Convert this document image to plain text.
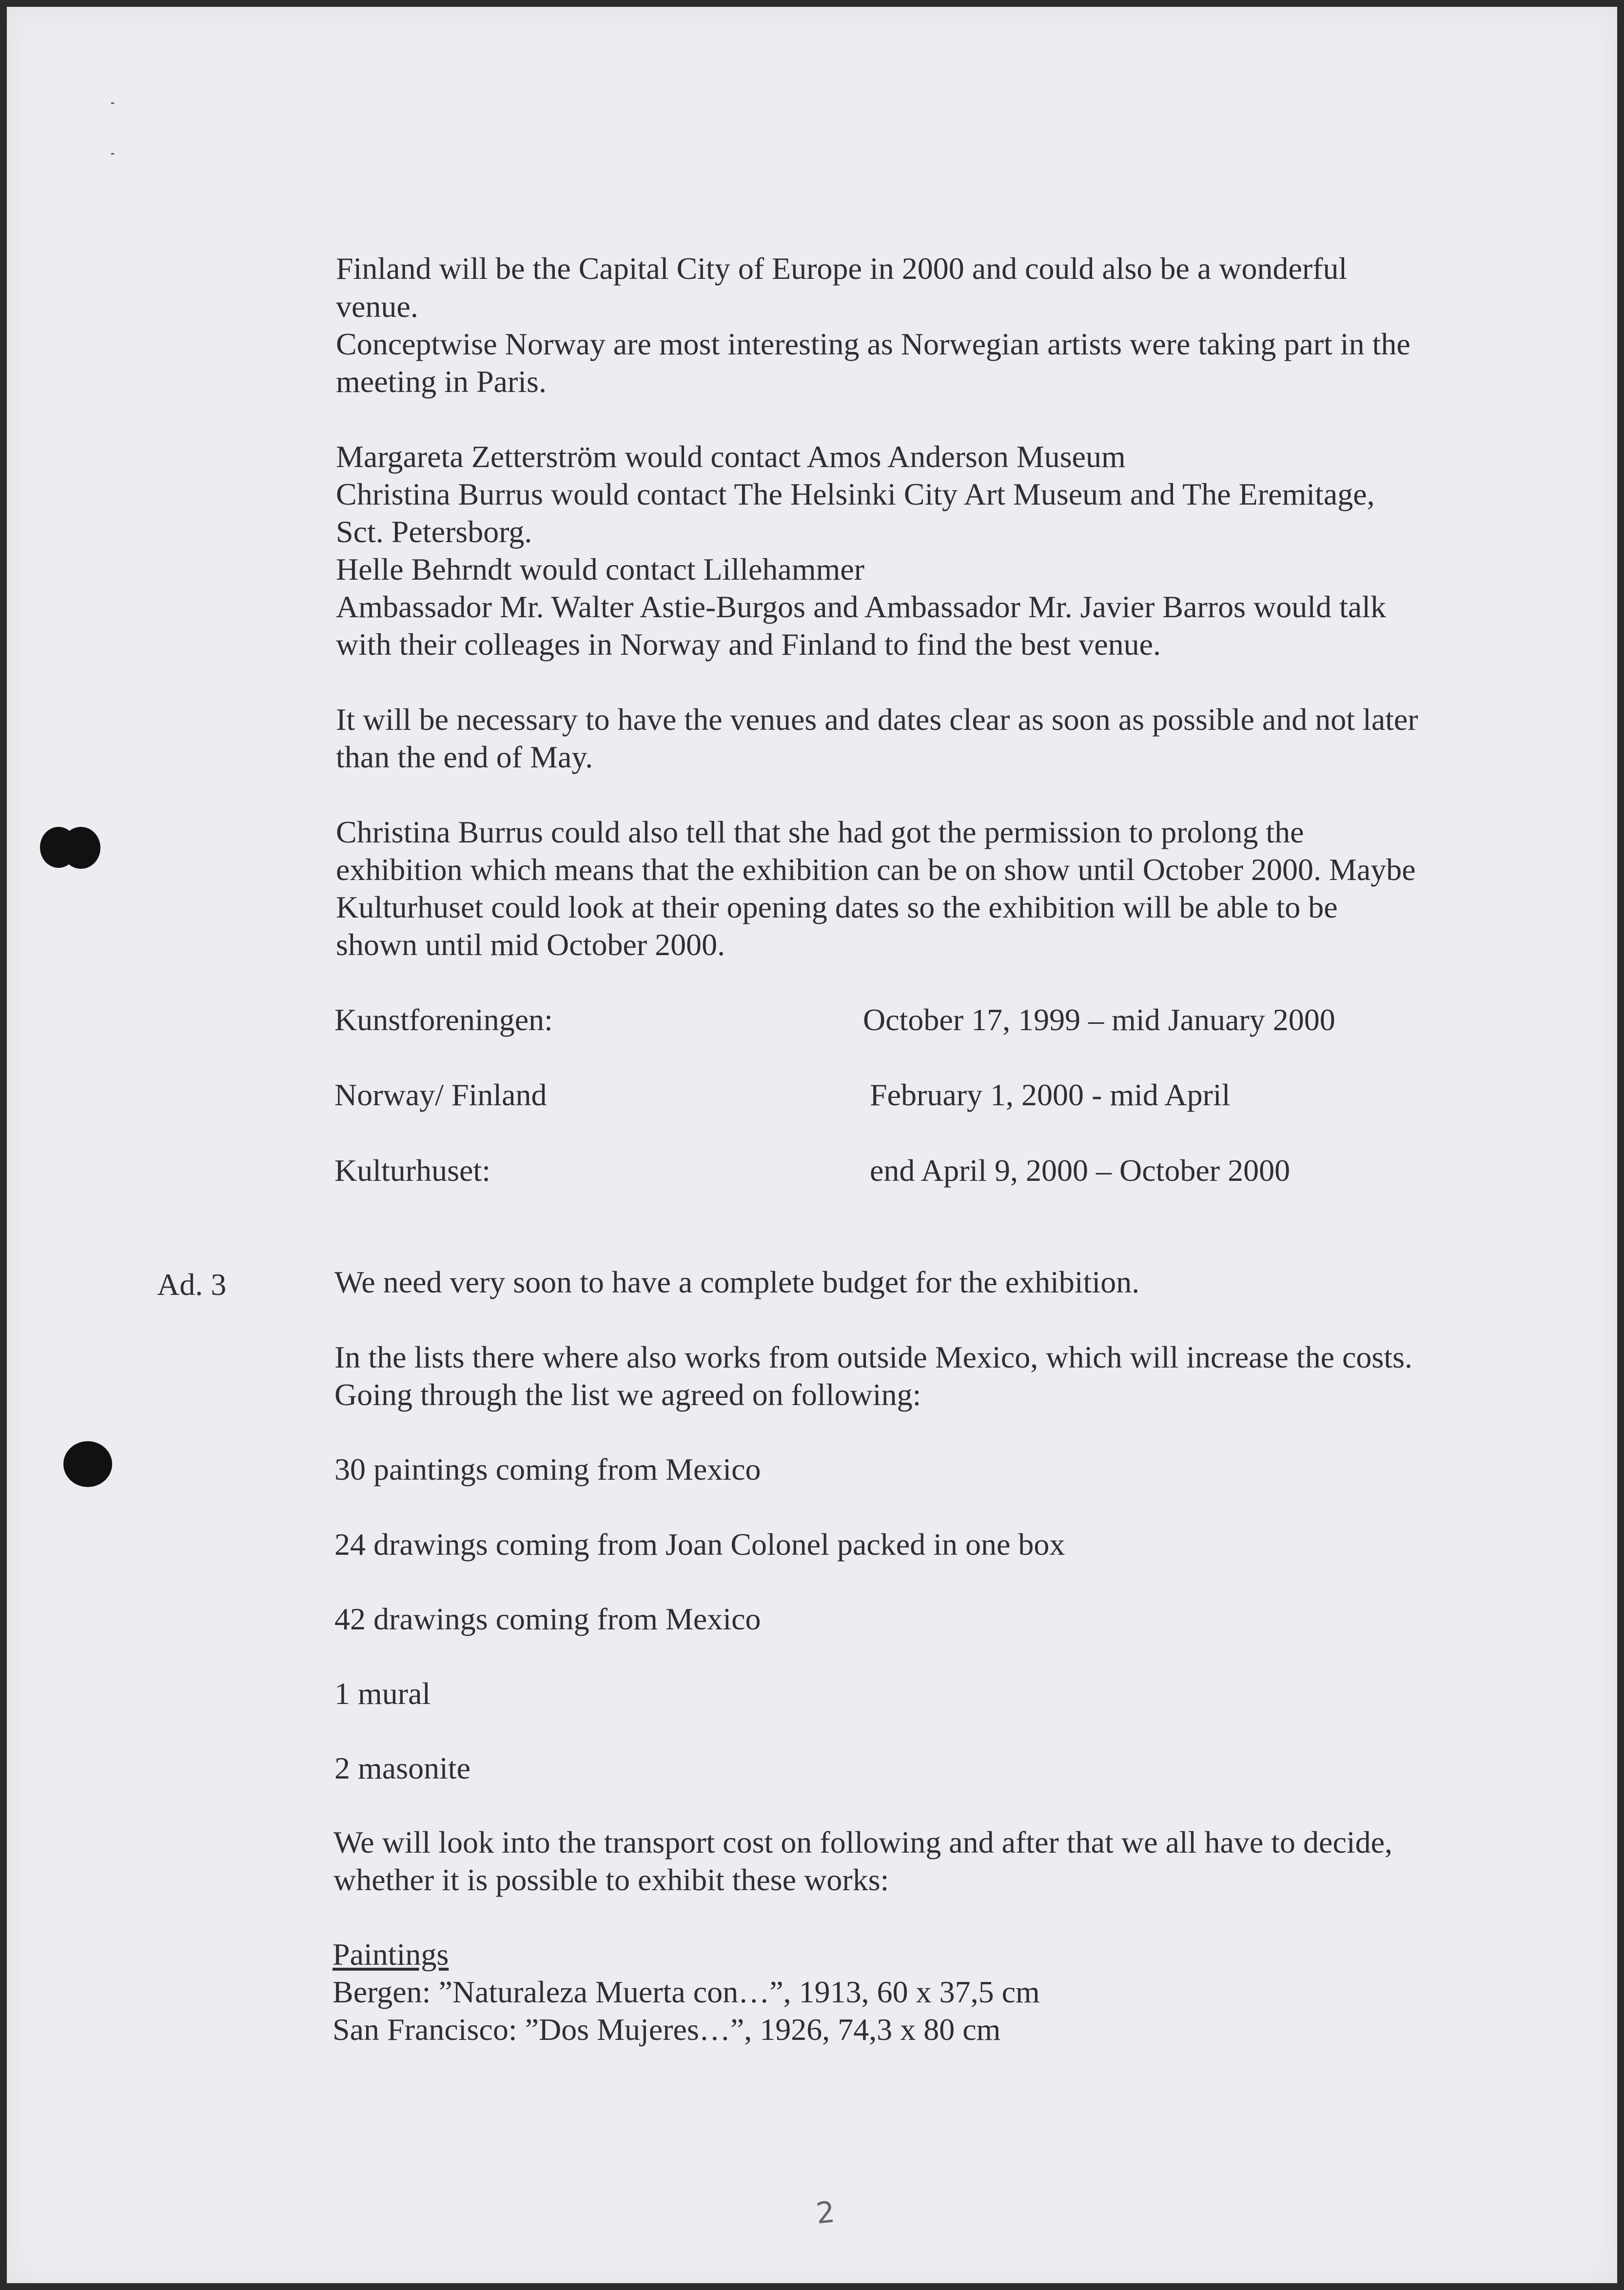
Finland will be the Capital City of Europe in 2000 and could also be a wonderful
venue.
Conceptwise Norway are most interesting as Norwegian artists were taking part in the
meeting in Paris.
Margareta Zetterström would contact Amos Anderson Museum
Christina Burrus would contact The Helsinki City Art Museum and The Eremitage,
Sct. Petersborg.
Helle Behrndt would contact Lillehammer
Ambassador Mr. Walter Astie-Burgos and Ambassador Mr. Javier Barros would talk
with their colleages in Norway and Finland to find the best venue.
It will be necessary to have the venues and dates clear as soon as possible and not later
than the end of May.
Christina Burrus could also tell that she had got the permission to prolong the
exhibition which means that the exhibition can be on show until October 2000. Maybe
Kulturhuset could look at their opening dates so the exhibition will be able to be
shown until mid October 2000.
Kunstforeningen:	October 17, 1999 – mid January 2000
Norway/ Finland	February 1, 2000 - mid April
Kulturhuset:	end April 9, 2000 – October 2000
Ad. 3	We need very soon to have a complete budget for the exhibition.
In the lists there where also works from outside Mexico, which will increase the costs.
Going through the list we agreed on following:
30 paintings coming from Mexico
24 drawings coming from Joan Colonel packed in one box
42 drawings coming from Mexico
1 mural
2 masonite
We will look into the transport cost on following and after that we all have to decide,
whether it is possible to exhibit these works:
Paintings
Bergen: ”Naturaleza Muerta con…”, 1913, 60 x 37,5 cm
San Francisco: ”Dos Mujeres…”, 1926, 74,3 x 80 cm
2
